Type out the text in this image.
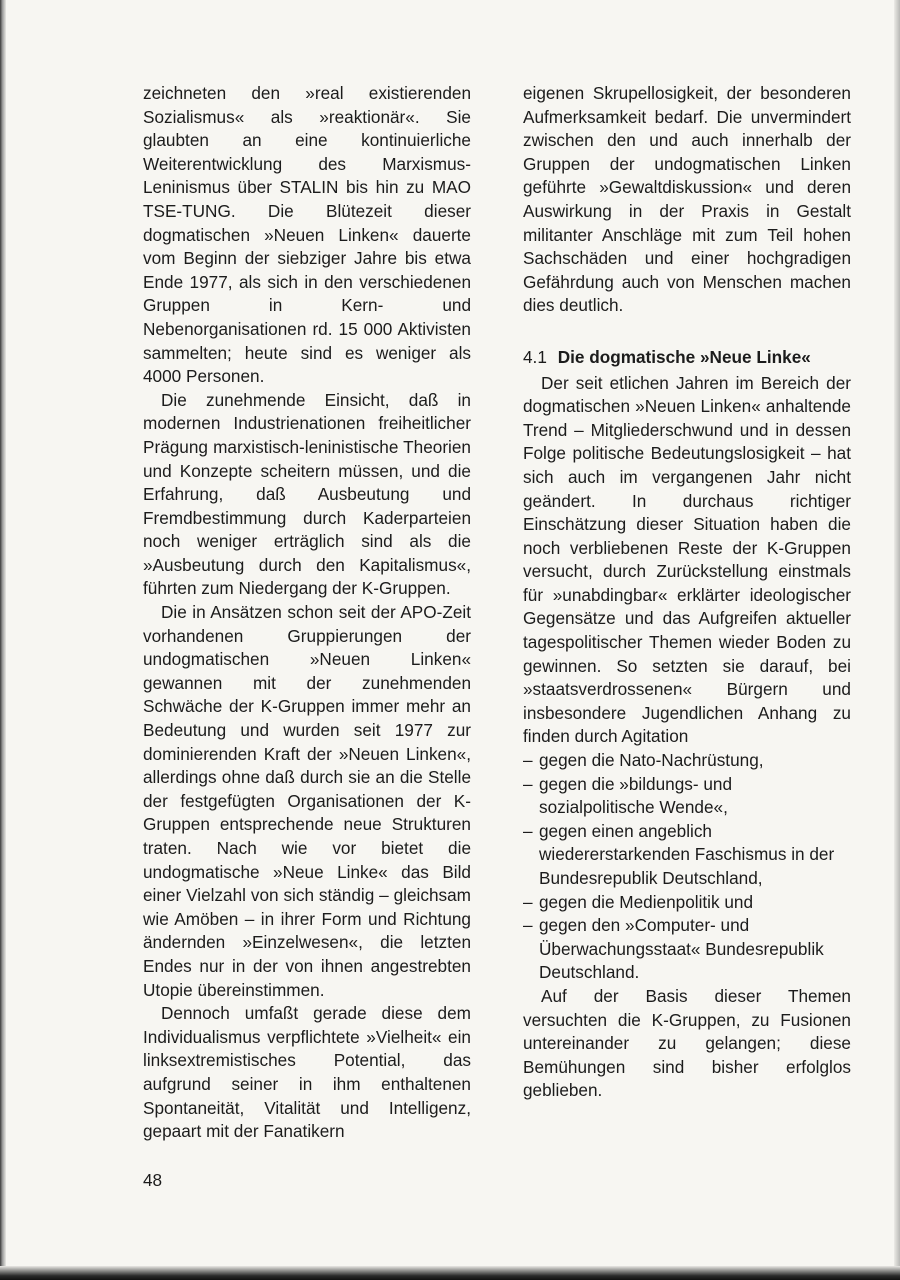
zeichneten den »real existierenden Sozialismus« als »reaktionär«. Sie glaubten an eine kontinuierliche Weiterentwicklung des Marxismus-Leninismus über STALIN bis hin zu MAO TSE-TUNG. Die Blütezeit dieser dogmatischen »Neuen Linken« dauerte vom Beginn der siebziger Jahre bis etwa Ende 1977, als sich in den verschiedenen Gruppen in Kern- und Nebenorganisationen rd. 15 000 Aktivisten sammelten; heute sind es weniger als 4000 Personen.

Die zunehmende Einsicht, daß in modernen Industrienationen freiheitlicher Prägung marxistisch-leninistische Theorien und Konzepte scheitern müssen, und die Erfahrung, daß Ausbeutung und Fremdbestimmung durch Kaderparteien noch weniger erträglich sind als die »Ausbeutung durch den Kapitalismus«, führten zum Niedergang der K-Gruppen.

Die in Ansätzen schon seit der APO-Zeit vorhandenen Gruppierungen der undogmatischen »Neuen Linken« gewannen mit der zunehmenden Schwäche der K-Gruppen immer mehr an Bedeutung und wurden seit 1977 zur dominierenden Kraft der »Neuen Linken«, allerdings ohne daß durch sie an die Stelle der festgefügten Organisationen der K-Gruppen entsprechende neue Strukturen traten. Nach wie vor bietet die undogmatische »Neue Linke« das Bild einer Vielzahl von sich ständig – gleichsam wie Amöben – in ihrer Form und Richtung ändernden »Einzelwesen«, die letzten Endes nur in der von ihnen angestrebten Utopie übereinstimmen.

Dennoch umfaßt gerade diese dem Individualismus verpflichtete »Vielheit« ein linksextremistisches Potential, das aufgrund seiner in ihm enthaltenen Spontaneität, Vitalität und Intelligenz, gepaart mit der Fanatikern

eigenen Skrupellosigkeit, der besonderen Aufmerksamkeit bedarf. Die unvermindert zwischen den und auch innerhalb der Gruppen der undogmatischen Linken geführte »Gewaltdiskussion« und deren Auswirkung in der Praxis in Gestalt militanter Anschläge mit zum Teil hohen Sachschäden und einer hochgradigen Gefährdung auch von Menschen machen dies deutlich.

4.1 Die dogmatische »Neue Linke«

Der seit etlichen Jahren im Bereich der dogmatischen »Neuen Linken« anhaltende Trend – Mitgliederschwund und in dessen Folge politische Bedeutungslosigkeit – hat sich auch im vergangenen Jahr nicht geändert. In durchaus richtiger Einschätzung dieser Situation haben die noch verbliebenen Reste der K-Gruppen versucht, durch Zurückstellung einstmals für »unabdingbar« erklärter ideologischer Gegensätze und das Aufgreifen aktueller tagespolitischer Themen wieder Boden zu gewinnen. So setzten sie darauf, bei »staatsverdrossenen« Bürgern und insbesondere Jugendlichen Anhang zu finden durch Agitation

– gegen die Nato-Nachrüstung,
– gegen die »bildungs- und sozialpolitische Wende«,
– gegen einen angeblich wiedererstarkenden Faschismus in der Bundesrepublik Deutschland,
– gegen die Medienpolitik und
– gegen den »Computer- und Überwachungsstaat« Bundesrepublik Deutschland.

Auf der Basis dieser Themen versuchten die K-Gruppen, zu Fusionen untereinander zu gelangen; diese Bemühungen sind bisher erfolglos geblieben.

48
